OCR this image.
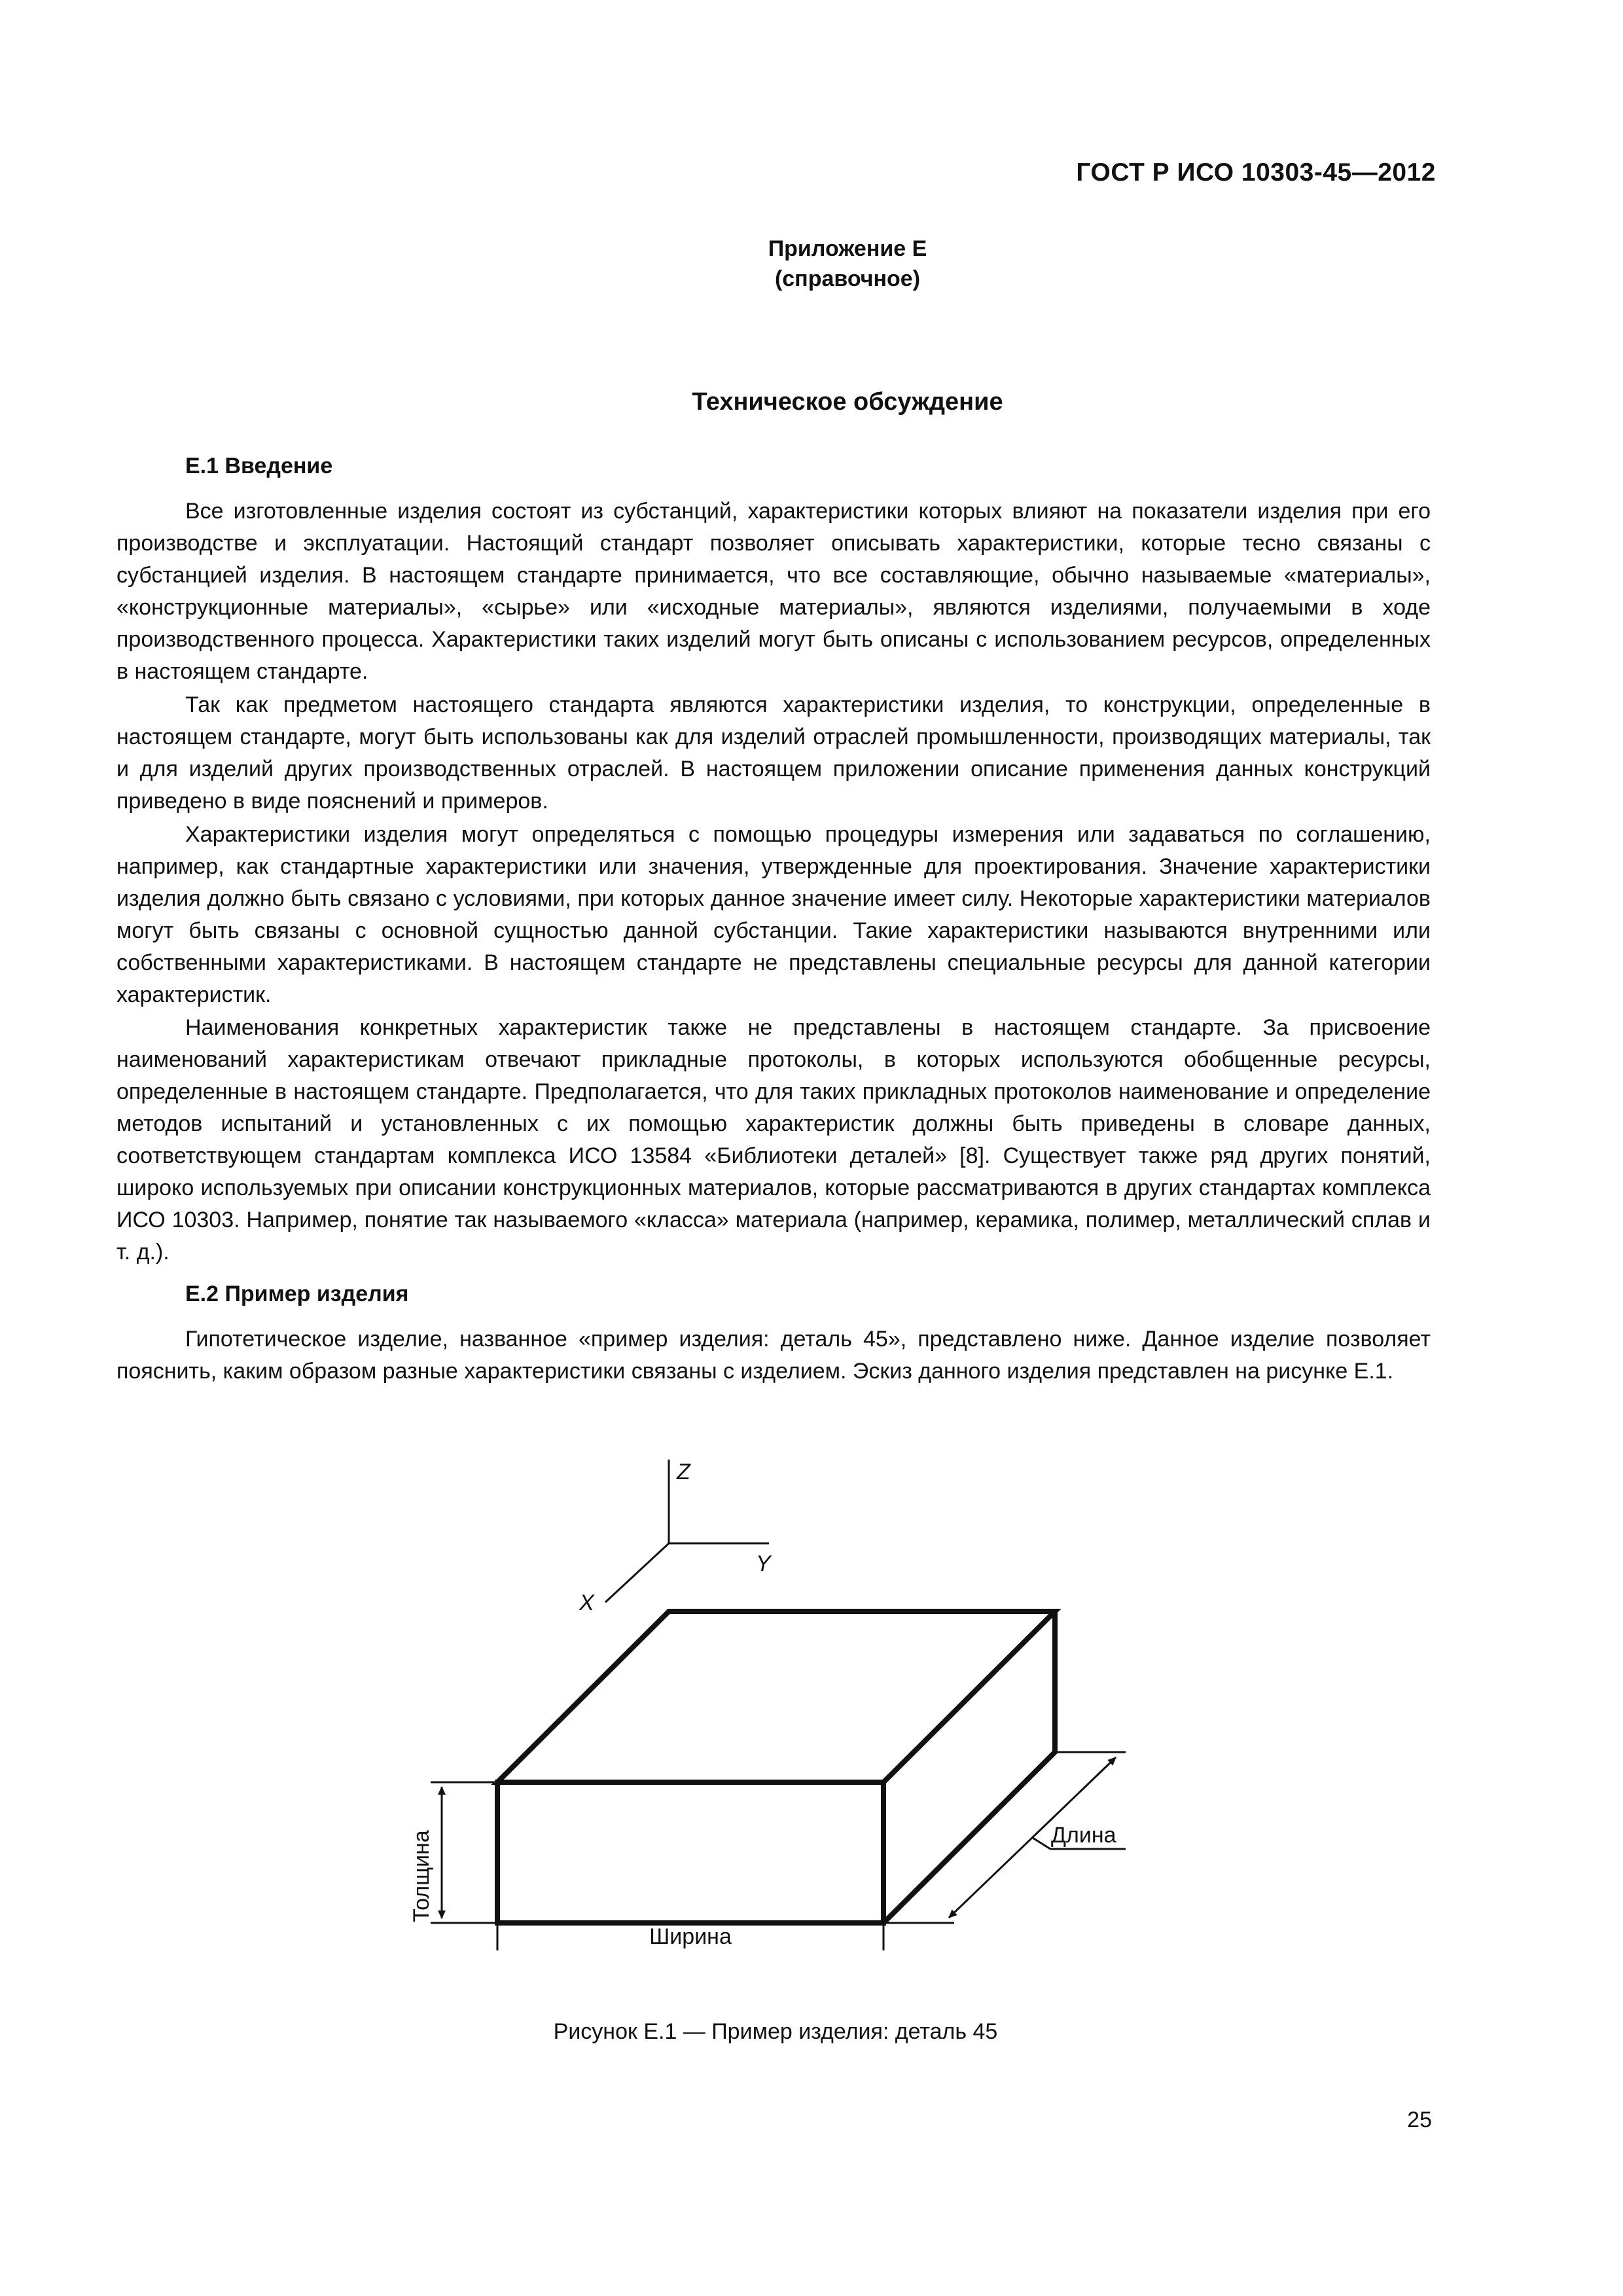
ГОСТ Р ИСО 10303-45—2012
Приложение Е
(справочное)
Техническое обсуждение
Е.1 Введение
Все изготовленные изделия состоят из субстанций, характеристики которых влияют на показатели изделия при его производстве и эксплуатации. Настоящий стандарт позволяет описывать характеристики, которые тесно связаны с субстанцией изделия. В настоящем стандарте принимается, что все составляющие, обычно называемые «материалы», «конструкционные материалы», «сырье» или «исходные материалы», являются изделиями, получаемыми в ходе производственного процесса. Характеристики таких изделий могут быть описаны с использованием ресурсов, определенных в настоящем стандарте.
Так как предметом настоящего стандарта являются характеристики изделия, то конструкции, определенные в настоящем стандарте, могут быть использованы как для изделий отраслей промышленности, производящих материалы, так и для изделий других производственных отраслей. В настоящем приложении описание применения данных конструкций приведено в виде пояснений и примеров.
Характеристики изделия могут определяться с помощью процедуры измерения или задаваться по соглашению, например, как стандартные характеристики или значения, утвержденные для проектирования. Значение характеристики изделия должно быть связано с условиями, при которых данное значение имеет силу. Некоторые характеристики материалов могут быть связаны с основной сущностью данной субстанции. Такие характеристики называются внутренними или собственными характеристиками. В настоящем стандарте не представлены специальные ресурсы для данной категории характеристик.
Наименования конкретных характеристик также не представлены в настоящем стандарте. За присвоение наименований характеристикам отвечают прикладные протоколы, в которых используются обобщенные ресурсы, определенные в настоящем стандарте. Предполагается, что для таких прикладных протоколов наименование и определение методов испытаний и установленных с их помощью характеристик должны быть приведены в словаре данных, соответствующем стандартам комплекса ИСО 13584 «Библиотеки деталей» [8]. Существует также ряд других понятий, широко используемых при описании конструкционных материалов, которые рассматриваются в других стандартах комплекса ИСО 10303. Например, понятие так называемого «класса» материала (например, керамика, полимер, металлический сплав и т. д.).
Е.2 Пример изделия
Гипотетическое изделие, названное «пример изделия: деталь 45», представлено ниже. Данное изделие позволяет пояснить, каким образом разные характеристики связаны с изделием. Эскиз данного изделия представлен на рисунке Е.1.
Z
Y
X
Толщина
Ширина
Длина
Рисунок Е.1 — Пример изделия: деталь 45
25
